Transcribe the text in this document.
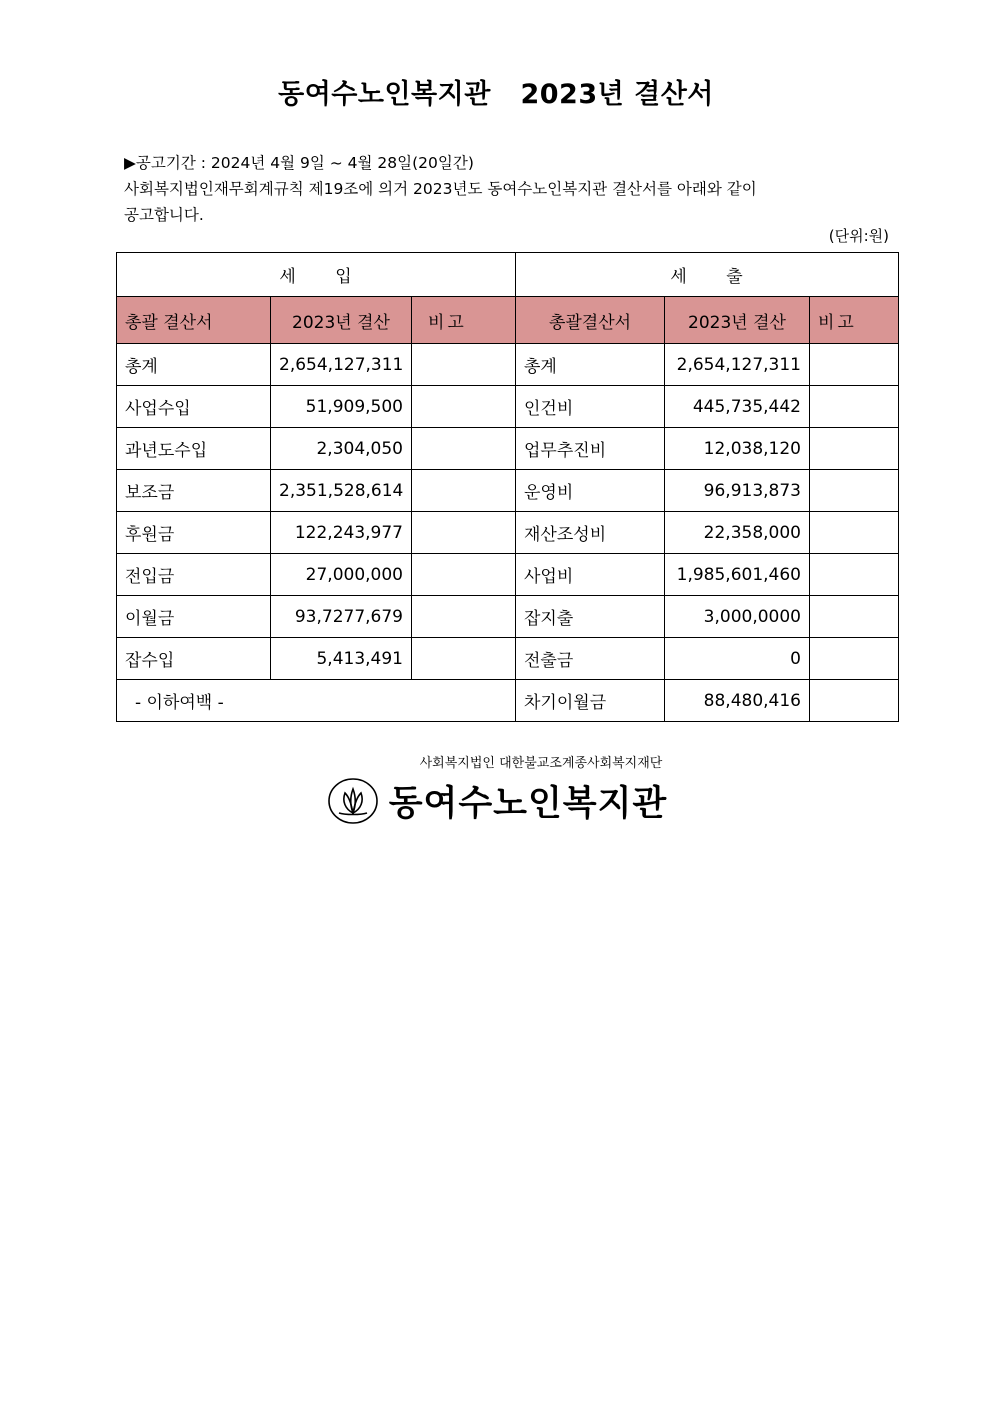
동여수노인복지관   2023년 결산서
▶공고기간 : 2024년 4월 9일 ~ 4월 28일(20일간)
사회복지법인재무회계규칙 제19조에 의거 2023년도 동여수노인복지관 결산서를 아래와 같이
공고합니다.
(단위:원)
세      입			세      출		
총괄 결산서	2023년 결산	비고	총괄결산서	2023년 결산	비고
총계	2,654,127,311		총계	2,654,127,311	
사업수입	51,909,500		인건비	445,735,442	
과년도수입	2,304,050		업무추진비	12,038,120	
보조금	2,351,528,614		운영비	96,913,873	
후원금	122,243,977		재산조성비	22,358,000	
전입금	27,000,000		사업비	1,985,601,460	
이월금	93,7277,679		잡지출	3,000,0000	
잡수입	5,413,491		전출금	0	
- 이하여백 -			차기이월금	88,480,416	
사회복지법인 대한불교조계종사회복지재단
동여수노인복지관
